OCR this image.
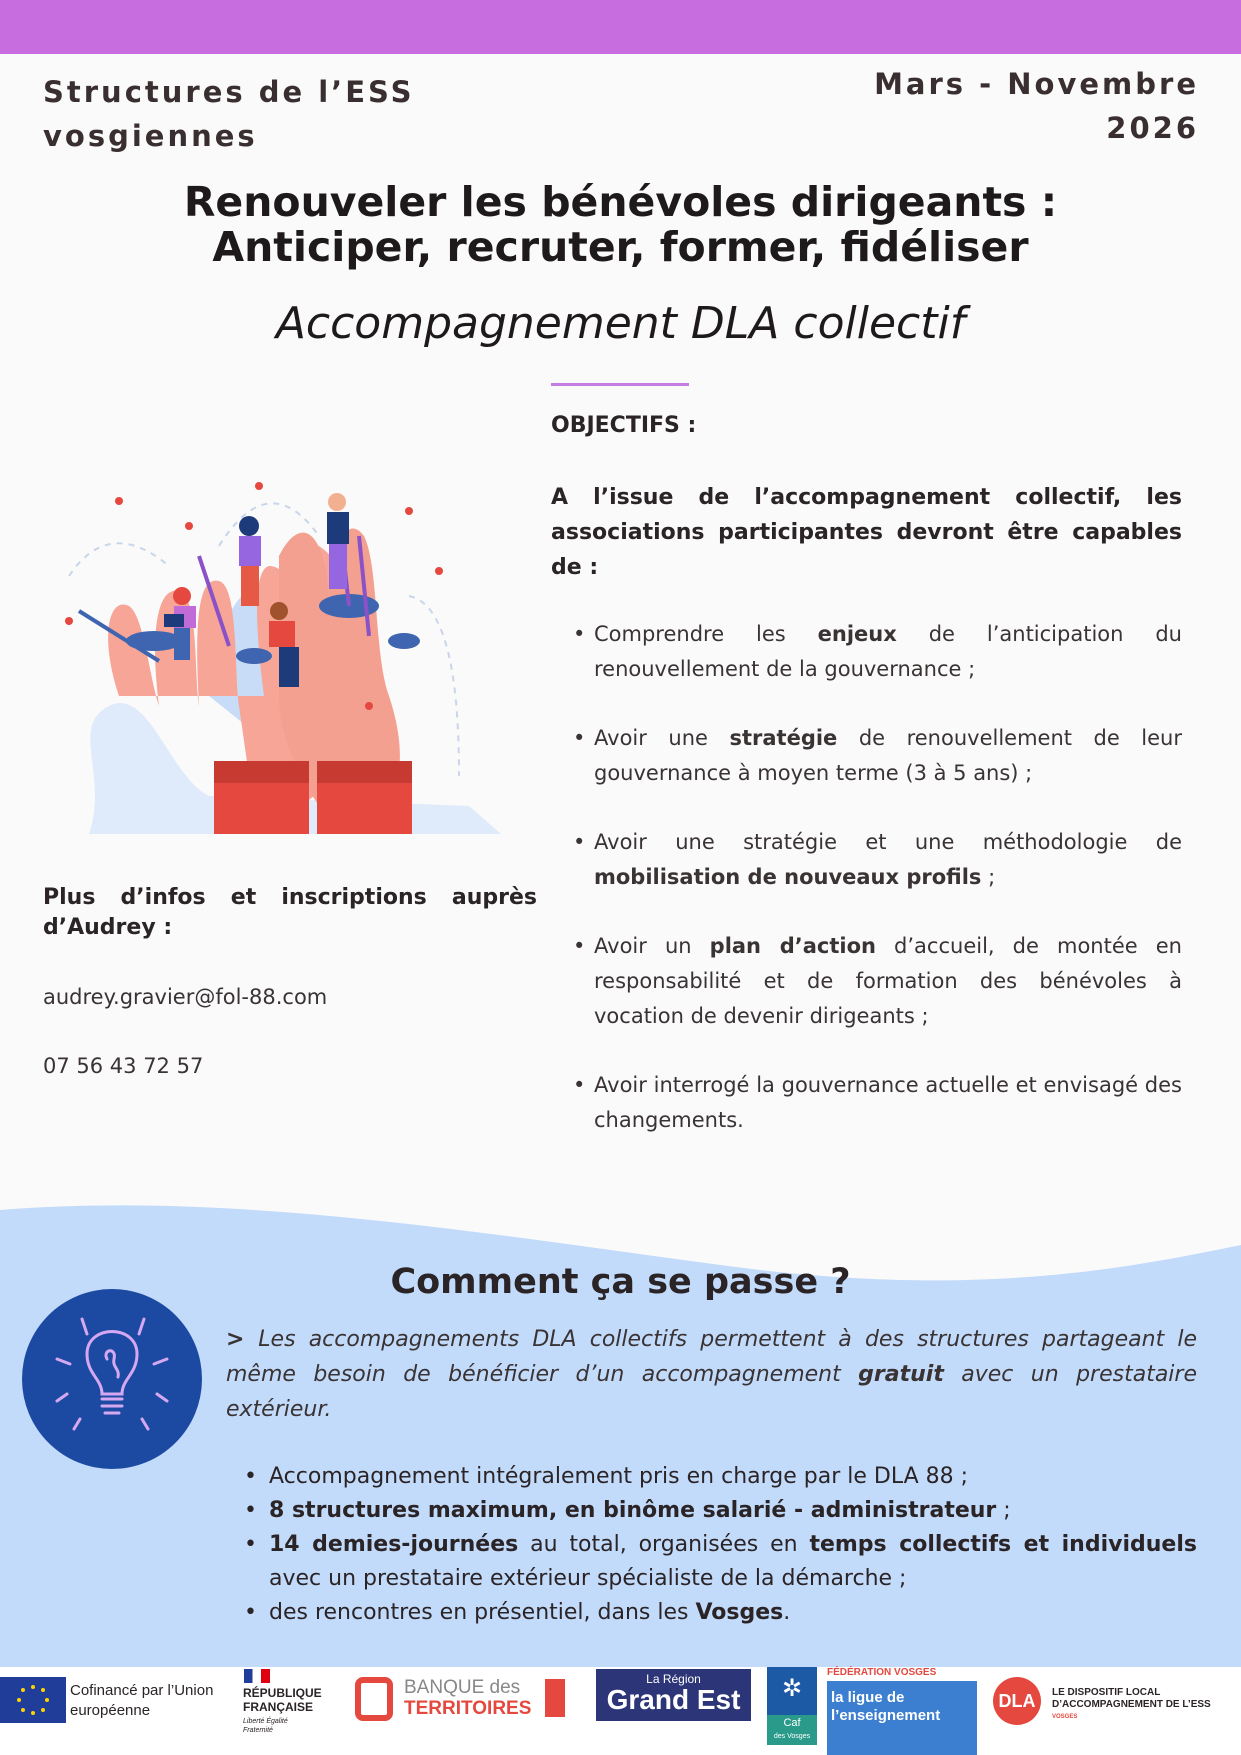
Structures de l’ESS
vosgiennes
Mars - Novembre
2026
Renouveler les bénévoles dirigeants :
Anticiper, recruter, former, fidéliser
Accompagnement DLA collectif
OBJECTIFS :
A l’issue de l’accompagnement collectif, les associations participantes devront être capables de :
• Comprendre les enjeux de l’anticipation du renouvellement de la gouvernance ;
• Avoir une stratégie de renouvellement de leur gouvernance à moyen terme (3 à 5 ans) ;
• Avoir une stratégie et une méthodologie de mobilisation de nouveaux profils ;
• Avoir un plan d’action d’accueil, de montée en responsabilité et de formation des bénévoles à vocation de devenir dirigeants ;
• Avoir interrogé la gouvernance actuelle et envisagé des changements.
Plus d’infos et inscriptions auprès
d’Audrey :
audrey.gravier@fol-88.com
07 56 43 72 57
Comment ça se passe ?
> Les accompagnements DLA collectifs permettent à des structures partageant le même besoin de bénéficier d’un accompagnement gratuit avec un prestataire extérieur.
• Accompagnement intégralement pris en charge par le DLA 88 ;
• 8 structures maximum, en binôme salarié - administrateur ;
• 14 demies-journées au total, organisées en temps collectifs et individuels avec un prestataire extérieur spécialiste de la démarche ;
• des rencontres en présentiel, dans les Vosges.
Cofinancé par l’Union européenne
RÉPUBLIQUE
FRANÇAISE
Liberté Égalité Fraternité
BANQUE des
TERRITOIRES
La Région
Grand Est	✲
Caf
des Vosges
FÉDÉRATION VOSGES
la ligue de l’enseignement
DLA	LE DISPOSITIF LOCAL
D’ACCOMPAGNEMENT DE L’ESS
VOSGES
